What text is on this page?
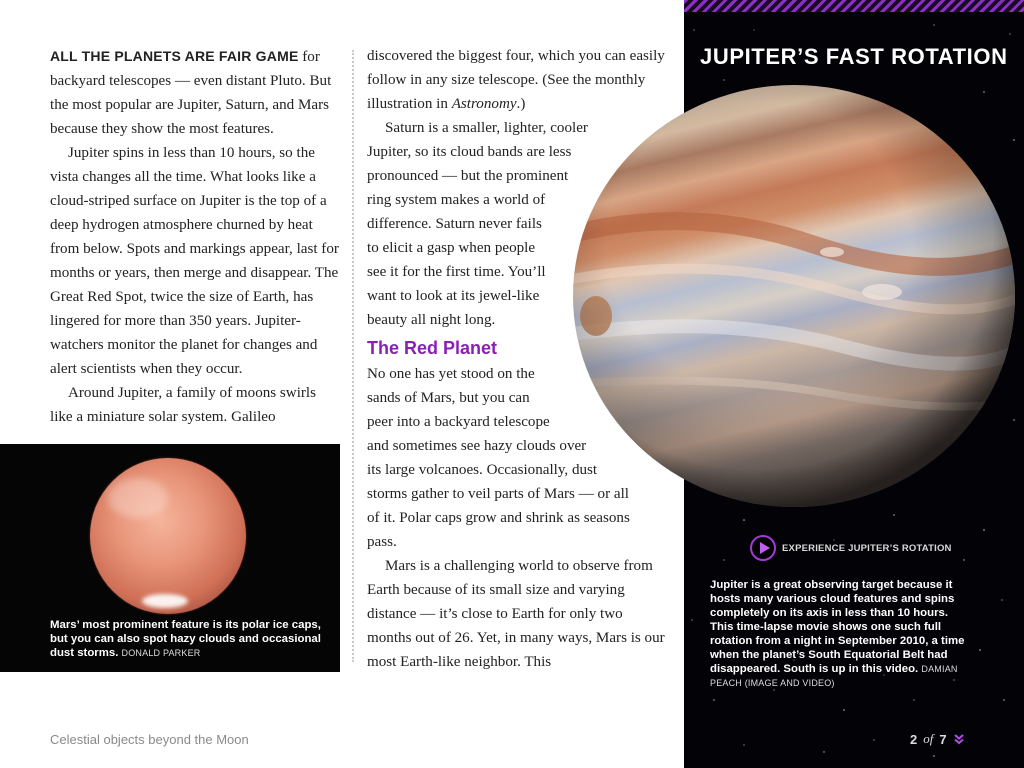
ALL THE PLANETS ARE FAIR GAME for backyard telescopes — even distant Pluto. But the most popular are Jupiter, Saturn, and Mars because they show the most features.

Jupiter spins in less than 10 hours, so the vista changes all the time. What looks like a cloud-striped surface on Jupiter is the top of a deep hydrogen atmosphere churned by heat from below. Spots and markings appear, last for months or years, then merge and disappear. The Great Red Spot, twice the size of Earth, has lingered for more than 350 years. Jupiter-watchers monitor the planet for changes and alert scientists when they occur.

Around Jupiter, a family of moons swirls like a miniature solar system. Galileo

discovered the biggest four, which you can easily follow in any size telescope. (See the monthly illustration in Astronomy.)

Saturn is a smaller, lighter, cooler
Jupiter, so its cloud bands are less
pronounced — but the prominent
ring system makes a world of
difference. Saturn never fails
to elicit a gasp when people
see it for the first time. You’ll
want to look at its jewel-like
beauty all night long.
The Red Planet
No one has yet stood on the
sands of Mars, but you can
peer into a backyard telescope
and sometimes see hazy clouds over
its large volcanoes. Occasionally, dust
storms gather to veil parts of Mars — or all
of it. Polar caps grow and shrink as seasons
pass.

Mars is a challenging world to observe from Earth because of its small size and varying distance — it’s close to Earth for only two months out of 26. Yet, in many ways, Mars is our most Earth-like neighbor. This

Mars’ most prominent feature is its polar ice caps, but you can also spot hazy clouds and occasional dust storms. DONALD PARKER
Celestial objects beyond the Moon
JUPITER’S FAST ROTATION
EXPERIENCE JUPITER’S ROTATION
Jupiter is a great observing target because it hosts many various cloud features and spins completely on its axis in less than 10 hours. This time-lapse movie shows one such full rotation from a night in September 2010, a time when the planet’s South Equatorial Belt had disappeared. South is up in this video. DAMIAN PEACH (IMAGE AND VIDEO)
2 of 7
